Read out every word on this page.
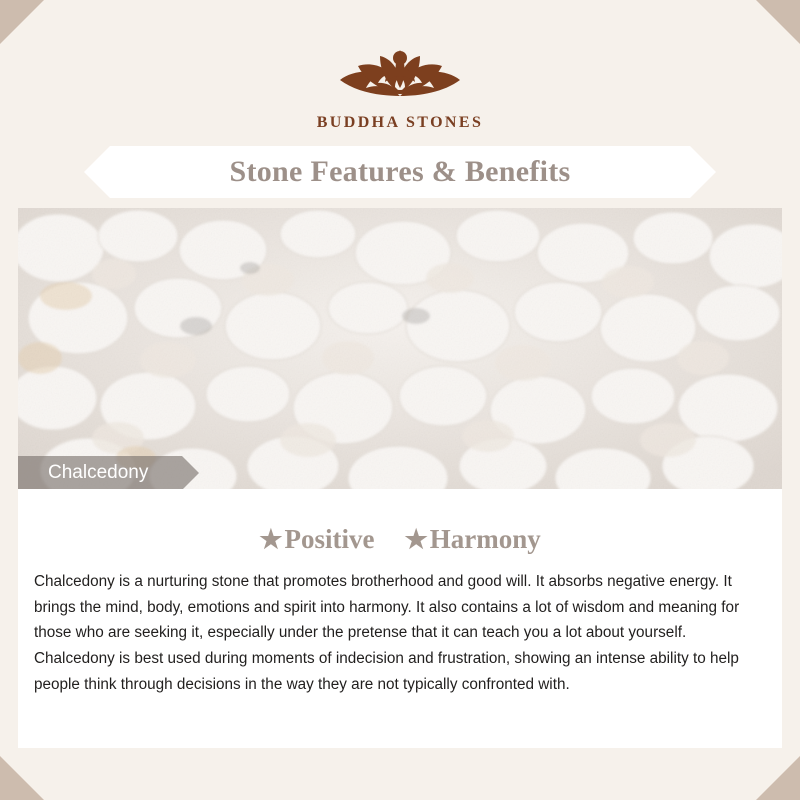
BUDDHA STONES
Stone Features & Benefits
Chalcedony
★ Positive ★ Harmony
Chalcedony is a nurturing stone that promotes brotherhood and good will. It absorbs negative energy. It brings the mind, body, emotions and spirit into harmony. It also contains a lot of wisdom and meaning for those who are seeking it, especially under the pretense that it can teach you a lot about yourself. Chalcedony is best used during moments of indecision and frustration, showing an intense ability to help people think through decisions in the way they are not typically confronted with.
